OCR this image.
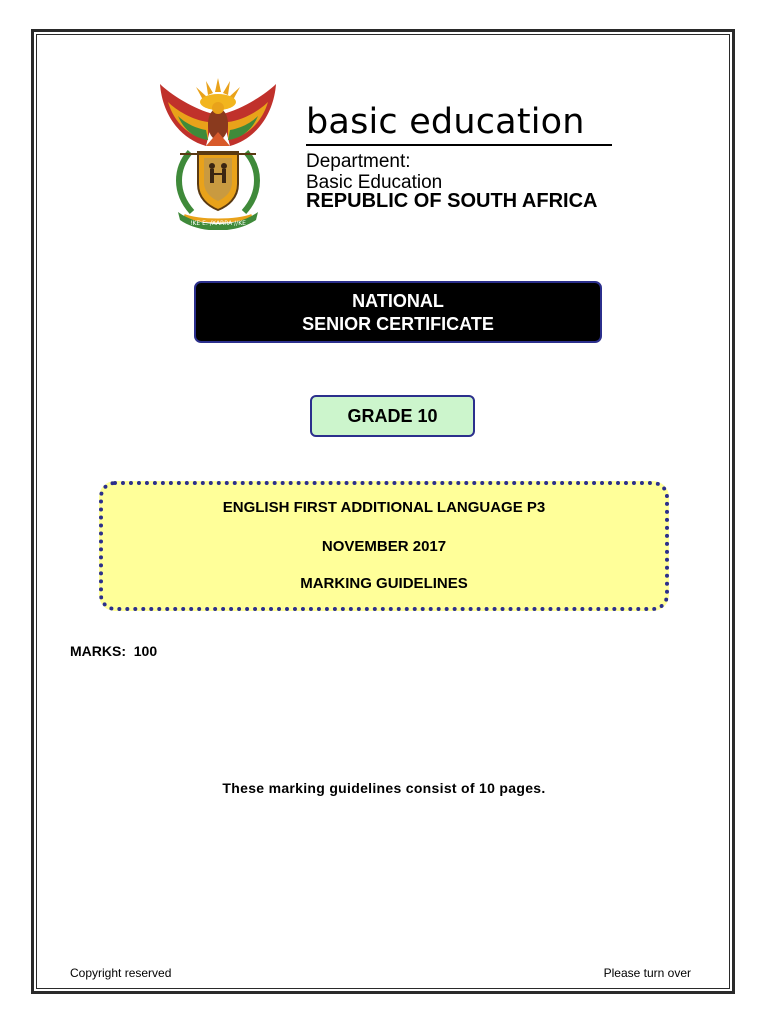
!KE E: /XARRA //KE
basic education
Department:
Basic Education
REPUBLIC OF SOUTH AFRICA
NATIONAL
SENIOR CERTIFICATE
GRADE 10
ENGLISH FIRST ADDITIONAL LANGUAGE P3
NOVEMBER 2017
MARKING GUIDELINES
MARKS:  100
These marking guidelines consist of 10 pages.
Copyright reserved	Please turn over
